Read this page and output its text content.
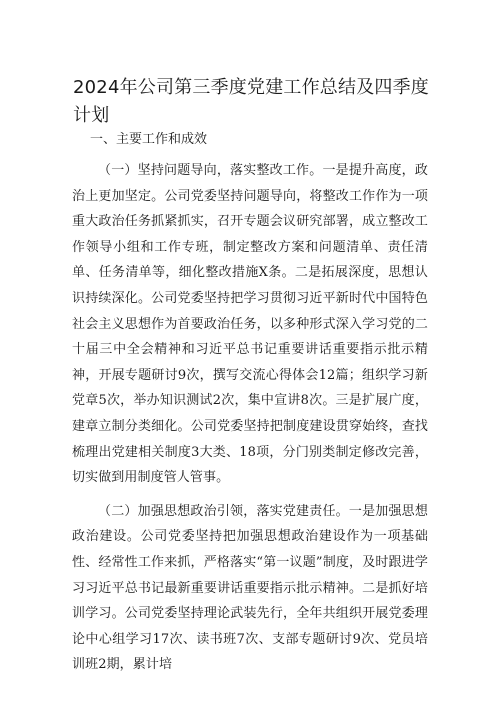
2024年公司第三季度党建工作总结及四季度计划

一、主要工作和成效

（一）坚持问题导向，落实整改工作。一是提升高度，政治上更加坚定。公司党委坚持问题导向，将整改工作作为一项重大政治任务抓紧抓实，召开专题会议研究部署，成立整改工作领导小组和工作专班，制定整改方案和问题清单、责任清单、任务清单等，细化整改措施X条。二是拓展深度，思想认识持续深化。公司党委坚持把学习贯彻习近平新时代中国特色社会主义思想作为首要政治任务，以多种形式深入学习党的二十届三中全会精神和习近平总书记重要讲话重要指示批示精神，开展专题研讨9次，撰写交流心得体会12篇；组织学习新党章5次，举办知识测试2次，集中宣讲8次。三是扩展广度，建章立制分类细化。公司党委坚持把制度建设贯穿始终，查找梳理出党建相关制度3大类、18项，分门别类制定修改完善，切实做到用制度管人管事。

（二）加强思想政治引领，落实党建责任。一是加强思想政治建设。公司党委坚持把加强思想政治建设作为一项基础性、经常性工作来抓，严格落实“第一议题”制度，及时跟进学习习近平总书记最新重要讲话重要指示批示精神。二是抓好培训学习。公司党委坚持理论武装先行，全年共组织开展党委理论中心组学习17次、读书班7次、支部专题研讨9次、党员培训班2期，累计培
